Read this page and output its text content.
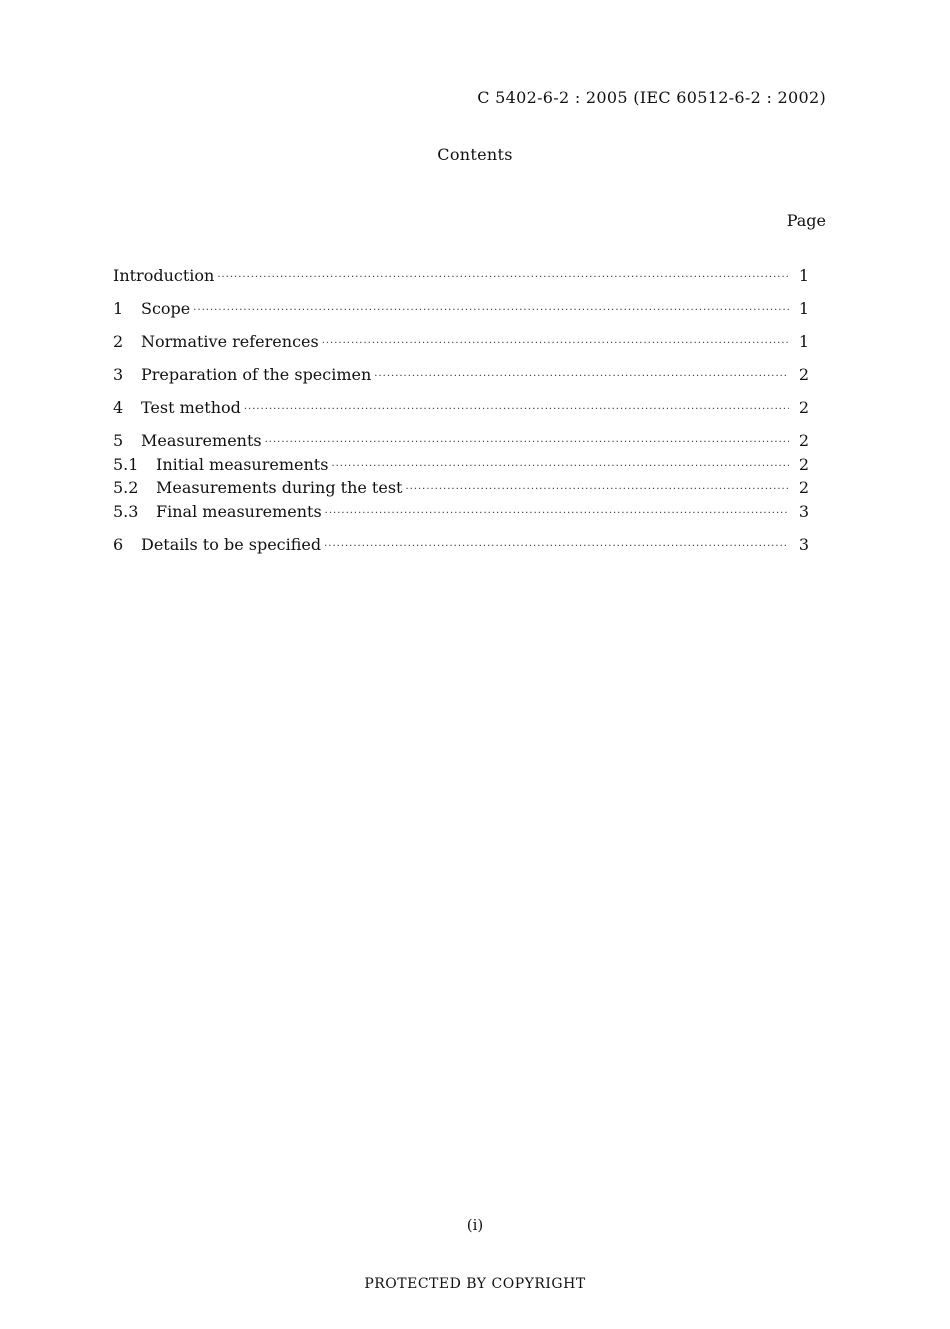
C 5402-6-2 : 2005 (IEC 60512-6-2 : 2002)
Contents
Page
Introduction ·····	1
1	Scope ·····	1
2	Normative references ·····	1
3	Preparation of the specimen ·····	2
4	Test method ·····	2
5	Measurements ·····	2
5.1	Initial measurements ·····	2
5.2	Measurements during the test ·····	2
5.3	Final measurements ·····	3
6	Details to be specified ·····	3
(i)
PROTECTED BY COPYRIGHT
